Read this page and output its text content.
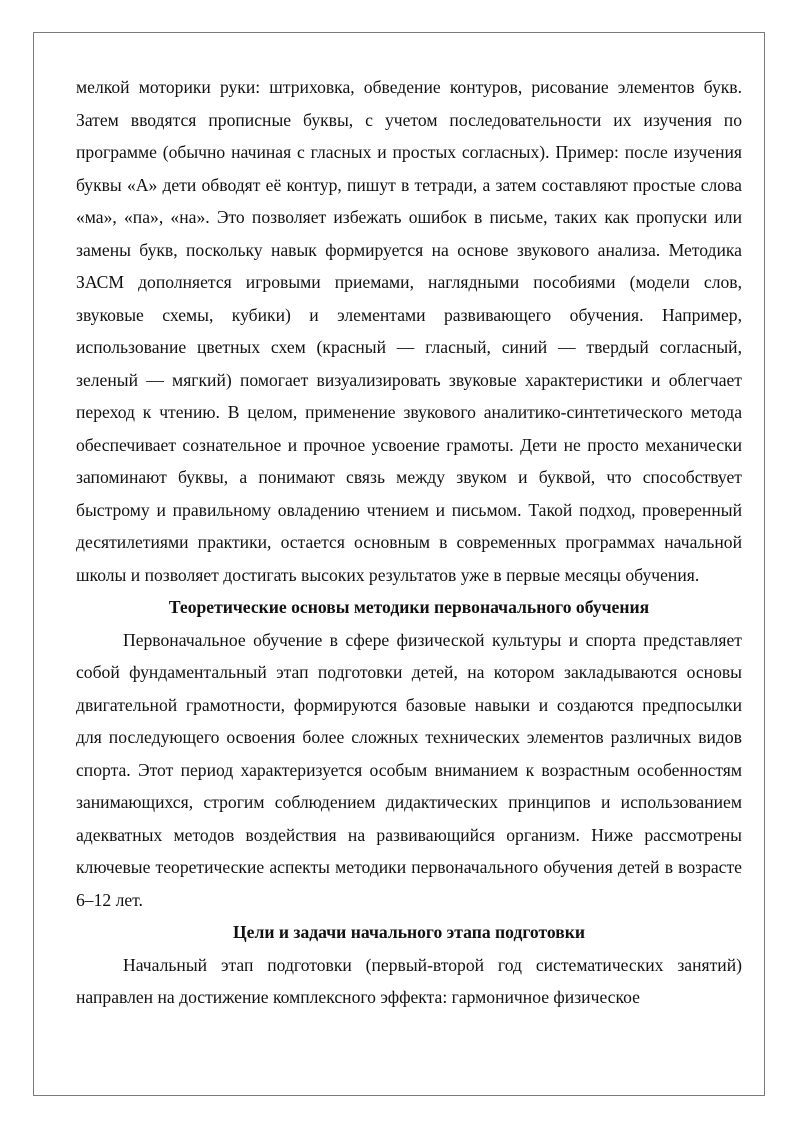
мелкой моторики руки: штриховка, обведение контуров, рисование элементов букв. Затем вводятся прописные буквы, с учетом последовательности их изучения по программе (обычно начиная с гласных и простых согласных). Пример: после изучения буквы «А» дети обводят её контур, пишут в тетради, а затем составляют простые слова «ма», «па», «на». Это позволяет избежать ошибок в письме, таких как пропуски или замены букв, поскольку навык формируется на основе звукового анализа. Методика ЗАСМ дополняется игровыми приемами, наглядными пособиями (модели слов, звуковые схемы, кубики) и элементами развивающего обучения. Например, использование цветных схем (красный — гласный, синий — твердый согласный, зеленый — мягкий) помогает визуализировать звуковые характеристики и облегчает переход к чтению. В целом, применение звукового аналитико-синтетического метода обеспечивает сознательное и прочное усвоение грамоты. Дети не просто механически запоминают буквы, а понимают связь между звуком и буквой, что способствует быстрому и правильному овладению чтением и письмом. Такой подход, проверенный десятилетиями практики, остается основным в современных программах начальной школы и позволяет достигать высоких результатов уже в первые месяцы обучения.

Теоретические основы методики первоначального обучения

Первоначальное обучение в сфере физической культуры и спорта представляет собой фундаментальный этап подготовки детей, на котором закладываются основы двигательной грамотности, формируются базовые навыки и создаются предпосылки для последующего освоения более сложных технических элементов различных видов спорта. Этот период характеризуется особым вниманием к возрастным особенностям занимающихся, строгим соблюдением дидактических принципов и использованием адекватных методов воздействия на развивающийся организм. Ниже рассмотрены ключевые теоретические аспекты методики первоначального обучения детей в возрасте 6–12 лет.

Цели и задачи начального этапа подготовки

Начальный этап подготовки (первый-второй год систематических занятий) направлен на достижение комплексного эффекта: гармоничное физическое
